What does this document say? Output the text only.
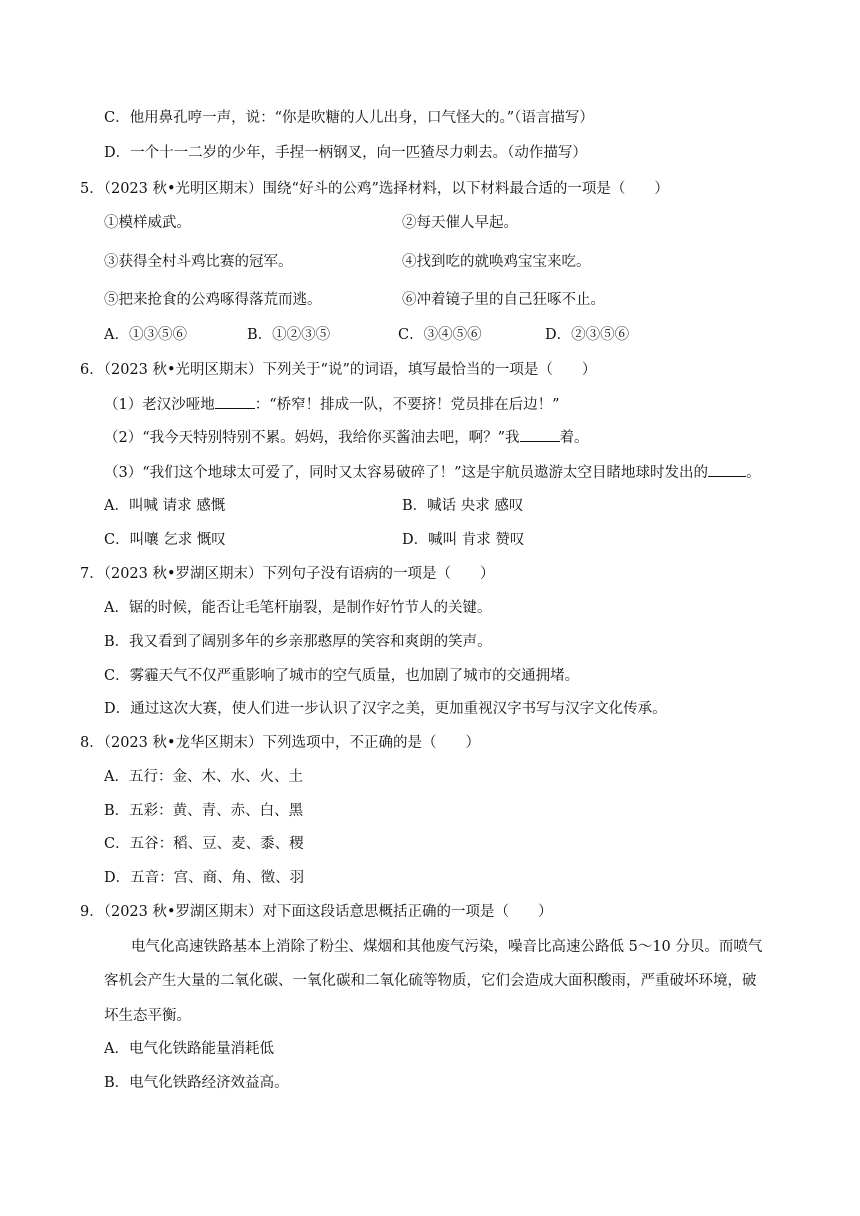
C．他用鼻孔哼一声，说：“你是吹糖的人儿出身，口气怪大的。”（语言描写）
D．一个十一二岁的少年，手捏一柄钢叉，向一匹猹尽力刺去。（动作描写）
5．（2023 秋•光明区期末）围绕“好斗的公鸡”选择材料，以下材料最合适的一项是（　　）
①模样威武。	②每天催人早起。
③获得全村斗鸡比赛的冠军。	④找到吃的就唤鸡宝宝来吃。
⑤把来抢食的公鸡啄得落荒而逃。	⑥冲着镜子里的自己狂啄不止。
A．①③⑤⑥	B．①②③⑤	C．③④⑤⑥	D．②③⑤⑥
6．（2023 秋•光明区期末）下列关于“说”的词语，填写最恰当的一项是（　　）
（1）老汉沙哑地	：“桥窄！排成一队，不要挤！党员排在后边！”
（2）“我今天特别特别不累。妈妈，我给你买酱油去吧，啊？”我	着。
（3）“我们这个地球太可爱了，同时又太容易破碎了！”这是宇航员遨游太空目睹地球时发出的	。
A．叫喊 请求 感慨	B．喊话 央求 感叹
C．叫嚷 乞求 慨叹	D．喊叫 肯求 赞叹
7．（2023 秋•罗湖区期末）下列句子没有语病的一项是（　　）
A．锯的时候，能否让毛笔杆崩裂，是制作好竹节人的关键。
B．我又看到了阔别多年的乡亲那憨厚的笑容和爽朗的笑声。
C．雾霾天气不仅严重影响了城市的空气质量，也加剧了城市的交通拥堵。
D．通过这次大赛，使人们进一步认识了汉字之美，更加重视汉字书写与汉字文化传承。
8．（2023 秋•龙华区期末）下列选项中，不正确的是（　　）
A．五行：金、木、水、火、土
B．五彩：黄、青、赤、白、黑
C．五谷：稻、豆、麦、黍、稷
D．五音：宫、商、角、徵、羽
9．（2023 秋•罗湖区期末）对下面这段话意思概括正确的一项是（　　）
电气化高速铁路基本上消除了粉尘、煤烟和其他废气污染，噪音比高速公路低 5～10 分贝。而喷气
客机会产生大量的二氧化碳、一氧化碳和二氧化硫等物质，它们会造成大面积酸雨，严重破坏环境，破
坏生态平衡。
A．电气化铁路能量消耗低
B．电气化铁路经济效益高。
